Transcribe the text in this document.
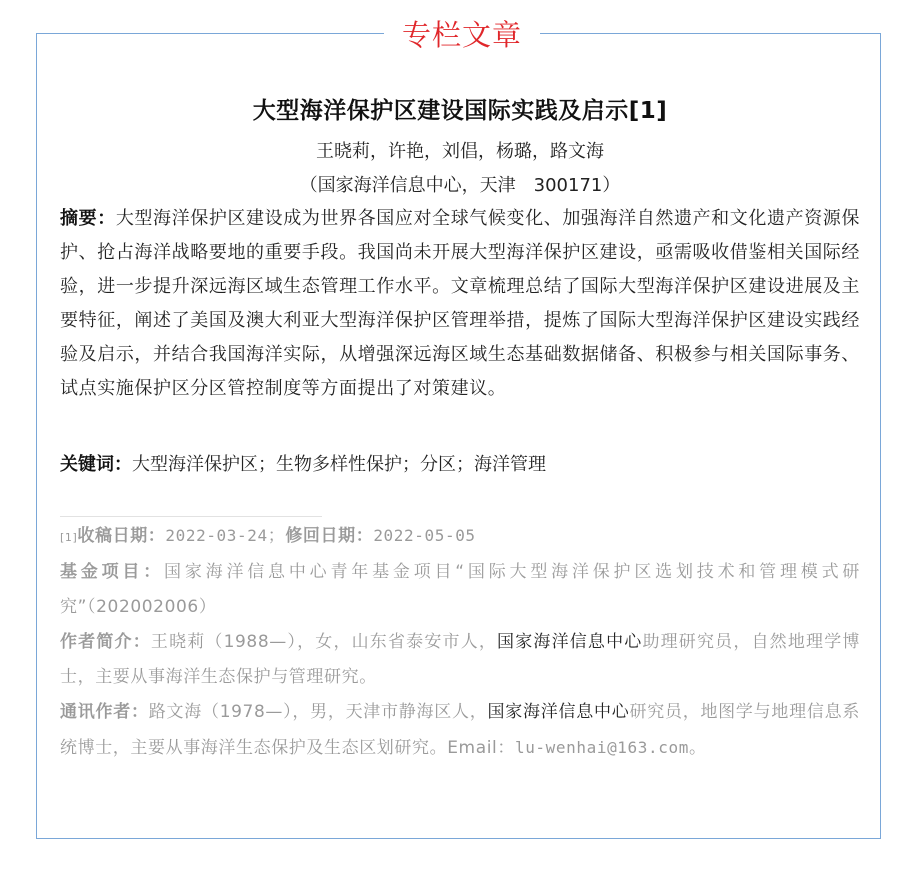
专栏文章
大型海洋保护区建设国际实践及启示[1]
王晓莉，许艳，刘倡，杨璐，路文海
（国家海洋信息中心，天津　300171）
摘要：大型海洋保护区建设成为世界各国应对全球气候变化、加强海洋自然遗产和文化遗产资源保护、抢占海洋战略要地的重要手段。我国尚未开展大型海洋保护区建设，亟需吸收借鉴相关国际经验，进一步提升深远海区域生态管理工作水平。文章梳理总结了国际大型海洋保护区建设进展及主要特征，阐述了美国及澳大利亚大型海洋保护区管理举措，提炼了国际大型海洋保护区建设实践经验及启示，并结合我国海洋实际，从增强深远海区域生态基础数据储备、积极参与相关国际事务、试点实施保护区分区管控制度等方面提出了对策建议。
关键词：大型海洋保护区；生物多样性保护；分区；海洋管理

[1]收稿日期：2022-03-24；修回日期：2022-05-05

基金项目：国家海洋信息中心青年基金项目“国际大型海洋保护区选划技术和管理模式研究”（202002006）

作者简介：王晓莉（1988—），女，山东省泰安市人，国家海洋信息中心助理研究员，自然地理学博士，主要从事海洋生态保护与管理研究。

通讯作者：路文海（1978—），男，天津市静海区人，国家海洋信息中心研究员，地图学与地理信息系统博士，主要从事海洋生态保护及生态区划研究。Email：lu-wenhai@163.com。
